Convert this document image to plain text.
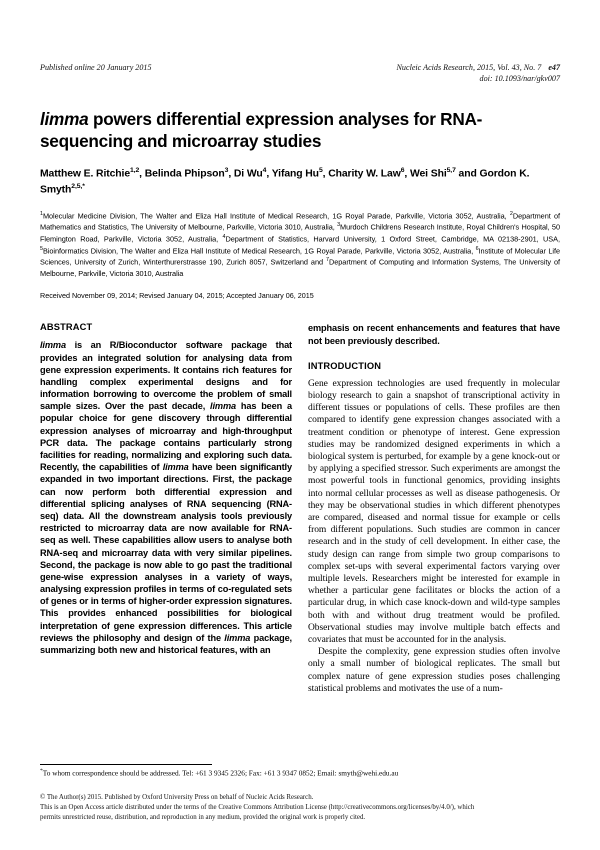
Published online 20 January 2015	Nucleic Acids Research, 2015, Vol. 43, No. 7 e47
doi: 10.1093/nar/gkv007
limma powers differential expression analyses for RNA-sequencing and microarray studies
Matthew E. Ritchie$^{1,2}$, Belinda Phipson$^3$, Di Wu$^4$, Yifang Hu$^5$, Charity W. Law$^6$, Wei Shi$^{5,7}$ and Gordon K. Smyth$^{2,5,*}$
$^1$Molecular Medicine Division, The Walter and Eliza Hall Institute of Medical Research, 1G Royal Parade, Parkville, Victoria 3052, Australia, $^2$Department of Mathematics and Statistics, The University of Melbourne, Parkville, Victoria 3010, Australia, $^3$Murdoch Childrens Research Institute, Royal Children's Hospital, 50 Flemington Road, Parkville, Victoria 3052, Australia, $^4$Department of Statistics, Harvard University, 1 Oxford Street, Cambridge, MA 02138-2901, USA, $^5$Bioinformatics Division, The Walter and Eliza Hall Institute of Medical Research, 1G Royal Parade, Parkville, Victoria 3052, Australia, $^6$Institute of Molecular Life Sciences, University of Zurich, Winterthurerstrasse 190, Zurich 8057, Switzerland and $^7$Department of Computing and Information Systems, The University of Melbourne, Parkville, Victoria 3010, Australia
Received November 09, 2014; Revised January 04, 2015; Accepted January 06, 2015
ABSTRACT

limma is an R/Bioconductor software package that provides an integrated solution for analysing data from gene expression experiments. It contains rich features for handling complex experimental designs and for information borrowing to overcome the problem of small sample sizes. Over the past decade, limma has been a popular choice for gene discovery through differential expression analyses of microarray and high-throughput PCR data. The package contains particularly strong facilities for reading, normalizing and exploring such data. Recently, the capabilities of limma have been significantly expanded in two important directions. First, the package can now perform both differential expression and differential splicing analyses of RNA sequencing (RNA-seq) data. All the downstream analysis tools previously restricted to microarray data are now available for RNA-seq as well. These capabilities allow users to analyse both RNA-seq and microarray data with very similar pipelines. Second, the package is now able to go past the traditional gene-wise expression analyses in a variety of ways, analysing expression profiles in terms of co-regulated sets of genes or in terms of higher-order expression signatures. This provides enhanced possibilities for biological interpretation of gene expression differences. This article reviews the philosophy and design of the limma package, summarizing both new and historical features, with an

emphasis on recent enhancements and features that have not been previously described.

INTRODUCTION

Gene expression technologies are used frequently in molecular biology research to gain a snapshot of transcriptional activity in different tissues or populations of cells. These profiles are then compared to identify gene expression changes associated with a treatment condition or phenotype of interest. Gene expression studies may be randomized designed experiments in which a biological system is perturbed, for example by a gene knock-out or by applying a specified stressor. Such experiments are amongst the most powerful tools in functional genomics, providing insights into normal cellular processes as well as disease pathogenesis. Or they may be observational studies in which different phenotypes are compared, diseased and normal tissue for example or cells from different populations. Such studies are common in cancer research and in the study of cell development. In either case, the study design can range from simple two group comparisons to complex set-ups with several experimental factors varying over multiple levels. Researchers might be interested for example in whether a particular gene facilitates or blocks the action of a particular drug, in which case knock-down and wild-type samples both with and without drug treatment would be profiled. Observational studies may involve multiple batch effects and covariates that must be accounted for in the analysis.

Despite the complexity, gene expression studies often involve only a small number of biological replicates. The small but complex nature of gene expression studies poses challenging statistical problems and motivates the use of a num-

*To whom correspondence should be addressed. Tel: +61 3 9345 2326; Fax: +61 3 9347 0852; Email: smyth@wehi.edu.au
© The Author(s) 2015. Published by Oxford University Press on behalf of Nucleic Acids Research.
This is an Open Access article distributed under the terms of the Creative Commons Attribution License (http://creativecommons.org/licenses/by/4.0/), which
permits unrestricted reuse, distribution, and reproduction in any medium, provided the original work is properly cited.
